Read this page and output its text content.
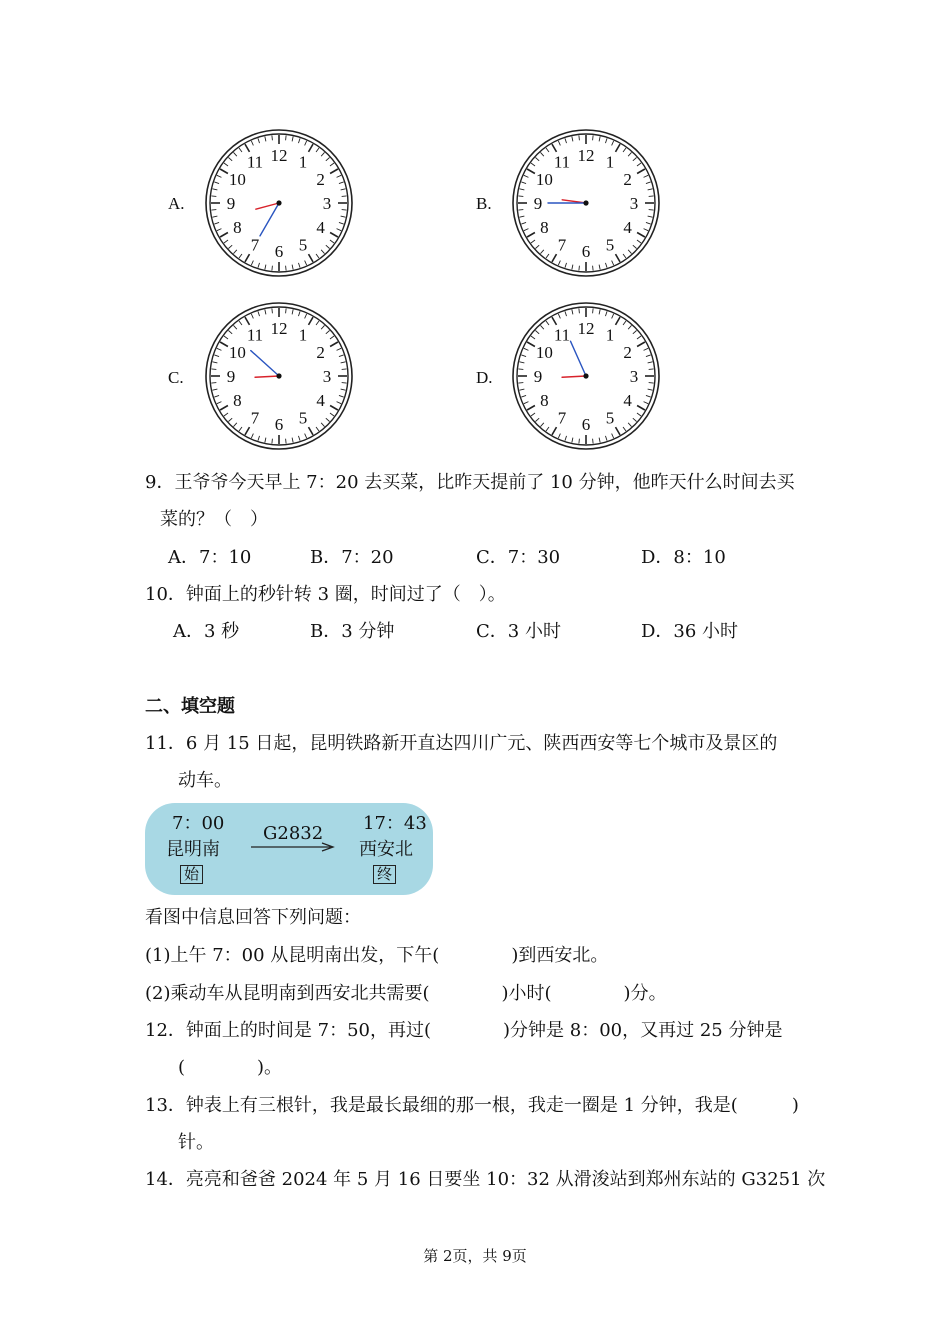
A.
12 1
2
3
4
5
6
7
8
9
10
11
B.
12 1
2
3
4
5
6
7
8
9
10
11
C.
12 1
2
3
4
5
6
7
8
9
10
11
D.
12 1
2
3
4
5
6
7
8
9
10
11
9．王爷爷今天早上 7：20 去买菜，比昨天提前了 10 分钟，他昨天什么时间去买
菜的？（　）
A．7：10	B．7：20	C．7：30	D．8：10
10．钟面上的秒针转 3 圈，时间过了（　）。
A．3 秒	B．3 分钟	C．3 小时	D．36 小时
二、填空题
11．6 月 15 日起，昆明铁路新开直达四川广元、陕西西安等七个城市及景区的
动车。
7：00
昆明南
始
G2832 17：43
西安北
终
看图中信息回答下列问题：
(1)上午 7：00 从昆明南出发，下午(　　　　)到西安北。
(2)乘动车从昆明南到西安北共需要(　　　　)小时(　　　　)分。
12．钟面上的时间是 7：50，再过(　　　　)分钟是 8：00，又再过 25 分钟是
(　　　　)。
13．钟表上有三根针，我是最长最细的那一根，我走一圈是 1 分钟，我是(　　　)
针。
14．亮亮和爸爸 2024 年 5 月 16 日要坐 10：32 从滑浚站到郑州东站的 G3251 次
第 2页，共 9页
